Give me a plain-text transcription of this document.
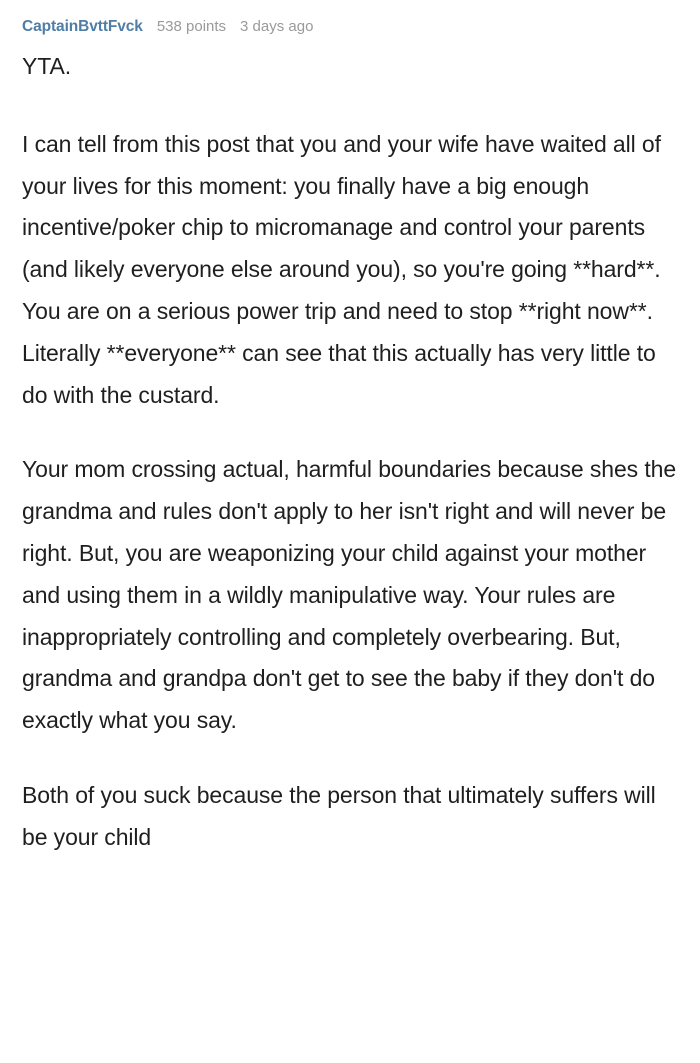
CaptainBvttFvck 538 points 3 days ago

YTA.

I can tell from this post that you and your wife have waited all of your lives for this moment: you finally have a big enough incentive/poker chip to micromanage and control your parents (and likely everyone else around you), so you're going **hard**. You are on a serious power trip and need to stop **right now**. Literally **everyone** can see that this actually has very little to do with the custard.

Your mom crossing actual, harmful boundaries because shes the grandma and rules don't apply to her isn't right and will never be right. But, you are weaponizing your child against your mother and using them in a wildly manipulative way. Your rules are inappropriately controlling and completely overbearing. But, grandma and grandpa don't get to see the baby if they don't do exactly what you say.

Both of you suck because the person that ultimately suffers will be your child
